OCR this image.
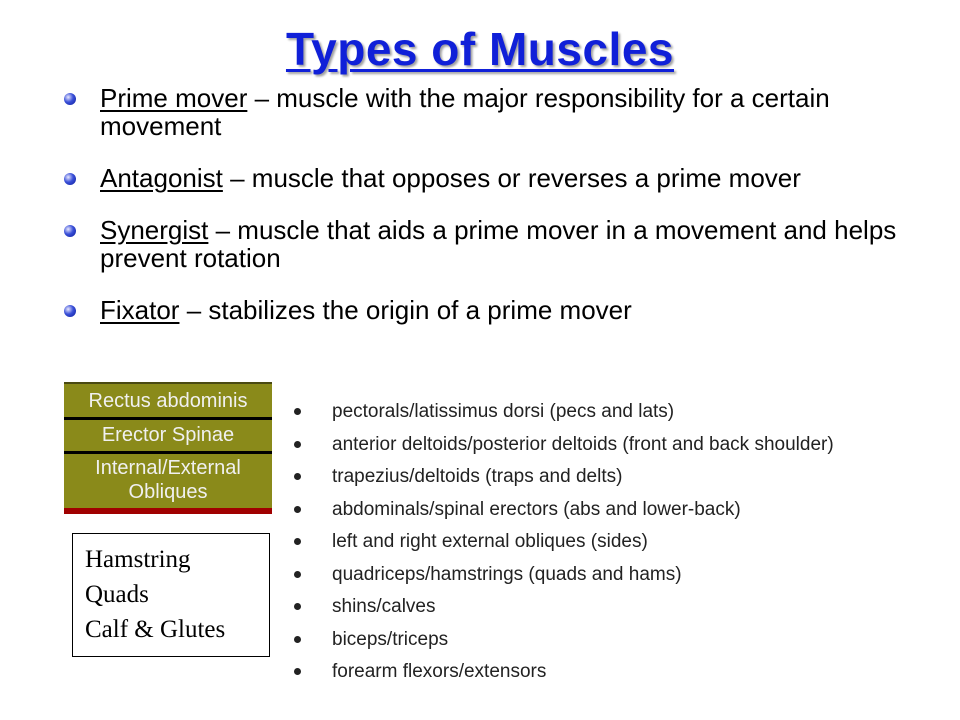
Types of Muscles
Prime mover – muscle with the major responsibility for a certain movement
Antagonist – muscle that opposes or reverses a prime mover
Synergist – muscle that aids a prime mover in a movement and helps prevent rotation
Fixator – stabilizes the origin of a prime mover
Rectus abdominis
Erector Spinae
Internal/External
Obliques
Hamstring
Quads
Calf & Glutes
pectorals/latissimus dorsi (pecs and lats)
anterior deltoids/posterior deltoids (front and back shoulder)
trapezius/deltoids (traps and delts)
abdominals/spinal erectors (abs and lower-back)
left and right external obliques (sides)
quadriceps/hamstrings (quads and hams)
shins/calves
biceps/triceps
forearm flexors/extensors
